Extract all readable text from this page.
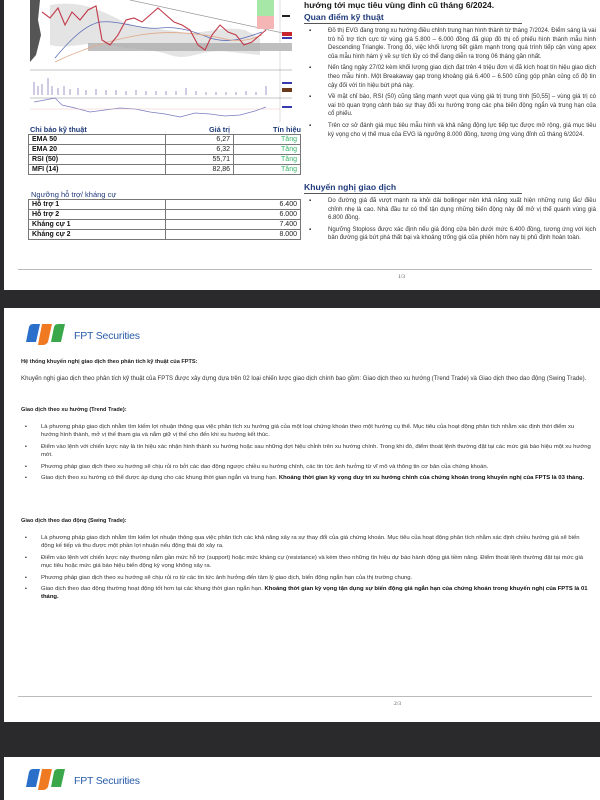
Chỉ báo kỹ thuật	Giá trị	Tín hiệu
EMA 50	6,27	Tăng
EMA 20	6,32	Tăng
RSI (50)	55,71	Tăng
MFI (14)	82,86	Tăng
Ngưỡng hỗ trợ/ kháng cự
Hỗ trợ 1	6.400
Hỗ trợ 2	6.000
Kháng cự 1	7.400
Kháng cự 2	8.000
hướng tới mục tiêu vùng đỉnh cũ tháng 6/2024.
Quan điểm kỹ thuật
▪ Đồ thị EVG đang trong xu hướng điều chỉnh trung hạn hình thành từ tháng 7/2024. Điểm sáng là vai trò hỗ trợ tích cực từ vùng giá 5.800 – 6.000 đồng đã giúp đồ thị cổ phiếu hình thành mẫu hình Descending Triangle. Trong đó, việc khối lượng tiết giảm mạnh trong quá trình tiếp cận vùng apex của mẫu hình hàm ý về sự tích lũy có thể đang diễn ra trong 06 tháng gần nhất.
▪ Nến tăng ngày 27/02 kèm khối lượng giao dịch đạt trên 4 triệu đơn vị đã kích hoạt tín hiệu giao dịch theo mẫu hình. Một Breakaway gap trong khoảng giá 6.400 – 6.500 cũng góp phần củng cố độ tin cậy đối với tín hiệu bứt phá này.
▪ Về mặt chỉ báo, RSI (50) cũng tăng mạnh vượt qua vùng giá trị trung tính [50,55] – vùng giá trị có vai trò quan trọng cảnh báo sự thay đổi xu hướng trong các pha biến động ngắn và trung hạn của cổ phiếu.
▪ Trên cơ sở đánh giá mục tiêu mẫu hình và khả năng động lực tiếp tục được mở rộng, giá mục tiêu kỳ vọng cho vị thế mua của EVG là ngưỡng 8.000 đồng, tương ứng vùng đỉnh cũ tháng 6/2024.
Khuyến nghị giao dịch
▪ Do đường giá đã vượt mạnh ra khỏi dải bollinger nên khả năng xuất hiện những rung lắc/ điều chỉnh nhẹ là cao. Nhà đầu tư có thể tận dụng những biến động này để mở vị thế quanh vùng giá 6.800 đồng.
▪ Ngưỡng Stoploss được xác định nếu giá đóng cửa bên dưới mức 6.400 đồng, tương ứng với kịch bản đường giá bứt phá thất bại và khoảng trống giá của phiên hôm nay bị phủ định hoàn toàn.
1/3
FPT Securities
Hệ thống khuyến nghị giao dịch theo phân tích kỹ thuật của FPTS:
Khuyến nghị giao dịch theo phân tích kỹ thuật của FPTS được xây dựng dựa trên 02 loại chiến lược giao dịch chính bao gồm: Giao dịch theo xu hướng (Trend Trade) và Giao dịch theo dao động (Swing Trade).
Giao dịch theo xu hướng (Trend Trade):
▪ Là phương pháp giao dịch nhằm tìm kiếm lợi nhuận thông qua việc phân tích xu hướng giá của một loại chứng khoán theo một hướng cụ thể. Mục tiêu của hoạt động phân tích nhằm xác định thời điểm xu hướng hình thành, mở vị thế tham gia và nắm giữ vị thế cho đến khi xu hướng kết thúc.
▪ Điểm vào lệnh với chiến lược này là tín hiệu xác nhận hình thành xu hướng hoặc sau những đợt hiệu chỉnh trên xu hướng chính. Trong khi đó, điểm thoát lệnh thường đặt tại các mức giá báo hiệu một xu hướng mới.
▪ Phương pháp giao dịch theo xu hướng sẽ chịu rủi ro bởi các dao động ngược chiều xu hướng chính, các tin tức ảnh hưởng từ vĩ mô và thông tin cơ bản của chứng khoán.
▪ Giao dịch theo xu hướng có thể được áp dụng cho các khung thời gian ngắn và trung hạn. Khoảng thời gian kỳ vọng duy trì xu hướng chính của chứng khoán trong khuyến nghị của FPTS là 03 tháng.
Giao dịch theo dao động (Swing Trade):
▪ Là phương pháp giao dịch nhằm tìm kiếm lợi nhuận thông qua việc phân tích các khả năng xảy ra sự thay đổi của giá chứng khoán. Mục tiêu của hoạt động phân tích nhằm xác định chiều hướng giá sẽ biến động kế tiếp và thu được một phần lợi nhuận nếu động thái đó xảy ra.
▪ Điểm vào lệnh với chiến lược này thường nằm gần mức hỗ trợ (support) hoặc mức kháng cự (resistance) và kèm theo những tín hiệu dự báo hành động giá tiềm năng. Điểm thoát lệnh thường đặt tại mức giá mục tiêu hoặc mức giá báo hiệu biến động kỳ vọng không xảy ra.
▪ Phương pháp giao dịch theo xu hướng sẽ chịu rủi ro từ các tin tức ảnh hưởng đến tâm lý giao dịch, biến động ngắn hạn của thị trường chung.
▪ Giao dịch theo dao động thường hoạt động tốt hơn tại các khung thời gian ngắn hạn. Khoảng thời gian kỳ vọng tận dụng sự biến động giá ngắn hạn của chứng khoán trong khuyến nghị của FPTS là 01 tháng.
2/3
FPT Securities
